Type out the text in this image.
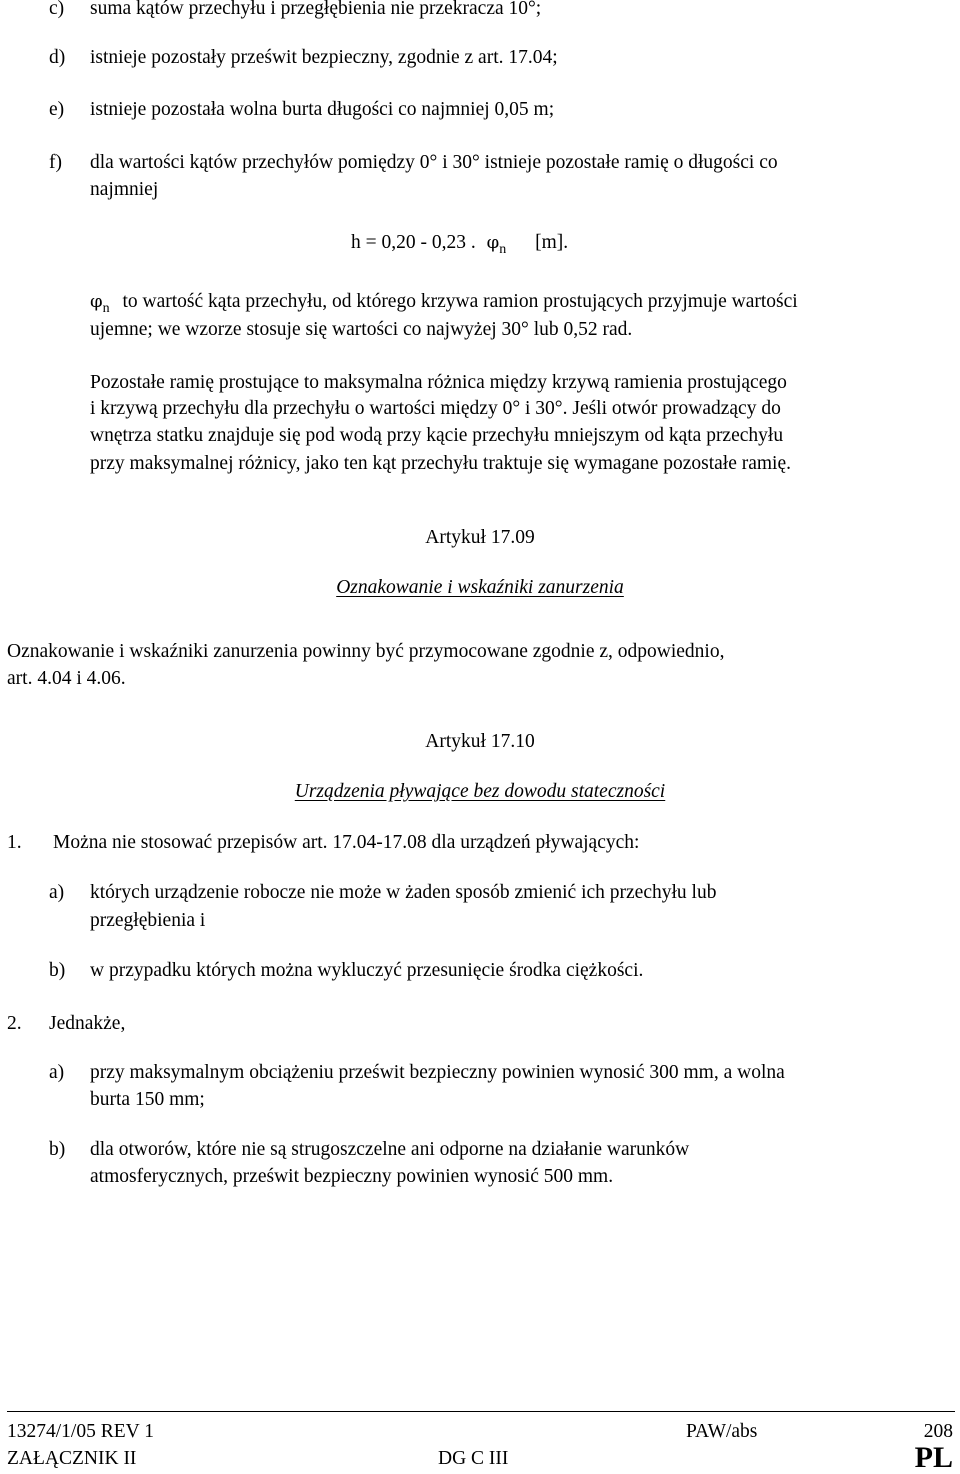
c) suma kątów przechyłu i przegłębienia nie przekracza 10°;
d) istnieje pozostały prześwit bezpieczny, zgodnie z art. 17.04;
e) istnieje pozostała wolna burta długości co najmniej 0,05 m;
f) dla wartości kątów przechyłów pomiędzy 0° i 30° istnieje pozostałe ramię o długości co
najmniej
h = 0,20 - 0,23 . $\varphi_n$ [m].
$\varphi_n$ to wartość kąta przechyłu, od którego krzywa ramion prostujących przyjmuje wartości
ujemne; we wzorze stosuje się wartości co najwyżej 30° lub 0,52 rad.
Pozostałe ramię prostujące to maksymalna różnica między krzywą ramienia prostującego
i krzywą przechyłu dla przechyłu o wartości między 0° i 30°. Jeśli otwór prowadzący do
wnętrza statku znajduje się pod wodą przy kącie przechyłu mniejszym od kąta przechyłu
przy maksymalnej różnicy, jako ten kąt przechyłu traktuje się wymagane pozostałe ramię.
Artykuł 17.09
Oznakowanie i wskaźniki zanurzenia
Oznakowanie i wskaźniki zanurzenia powinny być przymocowane zgodnie z, odpowiednio,
art. 4.04 i 4.06.
Artykuł 17.10
Urządzenia pływające bez dowodu stateczności
1. Można nie stosować przepisów art. 17.04-17.08 dla urządzeń pływających:
a) których urządzenie robocze nie może w żaden sposób zmienić ich przechyłu lub
przegłębienia i
b) w przypadku których można wykluczyć przesunięcie środka ciężkości.
2. Jednakże,
a) przy maksymalnym obciążeniu prześwit bezpieczny powinien wynosić 300 mm, a wolna
burta 150 mm;
b) dla otworów, które nie są strugoszczelne ani odporne na działanie warunków
atmosferycznych, prześwit bezpieczny powinien wynosić 500 mm.
13274/1/05 REV 1	PAW/abs	208
ZAŁĄCZNIK II	DG C III	PL
